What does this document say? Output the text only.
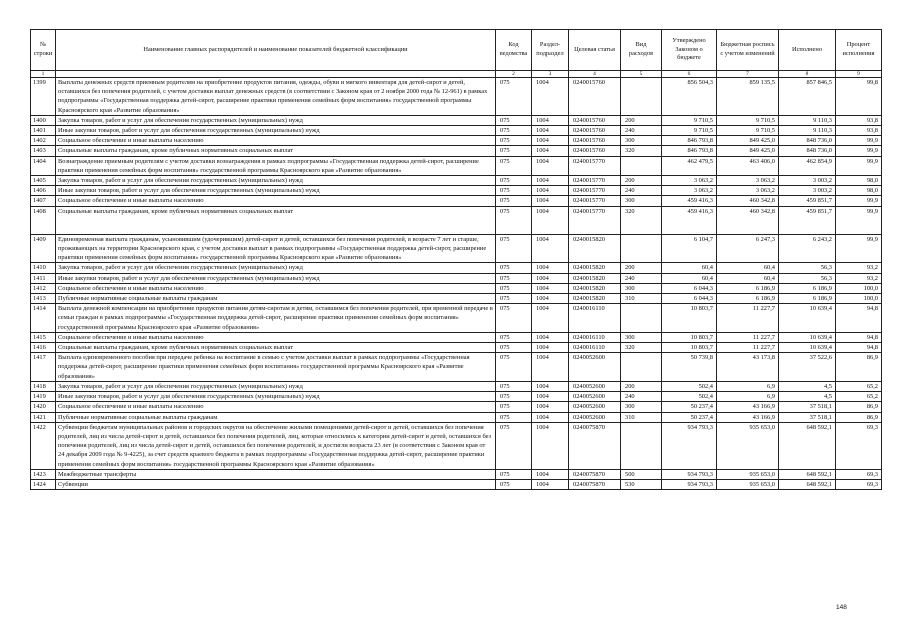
№ строки	Наименование главных распорядителей и наименование показателей бюджетной классификации	Код ведомства	Раздел-подраздел	Целевая статья	Вид расходов	Утверждено Законом о бюджете	Бюджетная роспись с учетом изменений	Исполнено	Процент исполнения
1		2	3	4	5	6	7	8	9
1399	Выплаты денежных средств приемным родителям на приобретение продуктов питания, одежды, обуви и мягкого инвентаря для детей-сирот и детей, оставшихся без попечения родителей, с учетом доставки выплат денежных средств (в соответствии с Законом края от 2 ноября 2000 года № 12-961) в рамках подпрограммы «Государственная поддержка детей-сирот, расширение практики применения семейных форм воспитания» государственной программы Красноярского края «Развитие образования»	075	1004	0240015760		856 504,3	859 135,5	857 846,5	99,8
1400	Закупка товаров, работ и услуг для обеспечения государственных (муниципальных) нужд	075	1004	0240015760	200	9 710,5	9 710,5	9 110,3	93,8
1401	Иные закупки товаров, работ и услуг для обеспечения государственных (муниципальных) нужд	075	1004	0240015760	240	9 710,5	9 710,5	9 110,3	93,8
1402	Социальное обеспечение и иные выплаты населению	075	1004	0240015760	300	846 793,8	849 425,0	848 736,0	99,9
1403	Социальные выплаты гражданам, кроме публичных нормативных социальных выплат	075	1004	0240015760	320	846 793,8	849 425,0	848 736,0	99,9
1404	Вознаграждение приемным родителям с учетом доставки вознаграждения в рамках подпрограммы «Государственная поддержка детей-сирот, расширение практики применения семейных форм воспитания» государственной программы Красноярского края «Развитие образования»	075	1004	0240015770		462 479,5	463 406,0	462 854,9	99,9
1405	Закупка товаров, работ и услуг для обеспечения государственных (муниципальных) нужд	075	1004	0240015770	200	3 063,2	3 063,2	3 003,2	98,0
1406	Иные закупки товаров, работ и услуг для обеспечения государственных (муниципальных) нужд	075	1004	0240015770	240	3 063,2	3 063,2	3 003,2	98,0
1407	Социальное обеспечение и иные выплаты населению	075	1004	0240015770	300	459 416,3	460 342,8	459 851,7	99,9
1408	Социальные выплаты гражданам, кроме публичных нормативных социальных выплат	075	1004	0240015770	320	459 416,3	460 342,8	459 851,7	99,9
1409	Единовременная выплата гражданам, усыновившим (удочерившим) детей-сирот и детей, оставшихся без попечения родителей, в возрасте 7 лет и старше, проживающих на территории Красноярского края, с учетом доставки выплат в рамках подпрограммы «Государственная поддержка детей-сирот, расширение практики применения семейных форм воспитания» государственной программы Красноярского края «Развитие образования»	075	1004	0240015820		6 104,7	6 247,3	6 243,2	99,9
1410	Закупка товаров, работ и услуг для обеспечения государственных (муниципальных) нужд	075	1004	0240015820	200	60,4	60,4	56,3	93,2
1411	Иные закупки товаров, работ и услуг для обеспечения государственных (муниципальных) нужд	075	1004	0240015820	240	60,4	60,4	56,3	93,2
1412	Социальное обеспечение и иные выплаты населению	075	1004	0240015820	300	6 044,3	6 186,9	6 186,9	100,0
1413	Публичные нормативные социальные выплаты гражданам	075	1004	0240015820	310	6 044,3	6 186,9	6 186,9	100,0
1414	Выплата денежной компенсации на приобретение продуктов питания детям-сиротам и детям, оставшимся без попечения родителей, при временной передаче в семьи граждан в рамках подпрограммы «Государственная поддержка детей-сирот, расширение практики применения семейных форм воспитания» государственной программы Красноярского края «Развитие образования»	075	1004	0240016110		10 803,7	11 227,7	10 639,4	94,8
1415	Социальное обеспечение и иные выплаты населению	075	1004	0240016110	300	10 803,7	11 227,7	10 639,4	94,8
1416	Социальные выплаты гражданам, кроме публичных нормативных социальных выплат	075	1004	0240016110	320	10 803,7	11 227,7	10 639,4	94,8
1417	Выплата единовременного пособия при передаче ребенка на воспитание в семью с учетом доставки выплат в рамках подпрограммы «Государственная поддержка детей-сирот, расширение практики применения семейных форм воспитания» государственной программы Красноярского края «Развитие образования»	075	1004	0240052600		50 739,8	43 173,8	37 522,6	86,9
1418	Закупка товаров, работ и услуг для обеспечения государственных (муниципальных) нужд	075	1004	0240052600	200	502,4	6,9	4,5	65,2
1419	Иные закупки товаров, работ и услуг для обеспечения государственных (муниципальных) нужд	075	1004	0240052600	240	502,4	6,9	4,5	65,2
1420	Социальное обеспечение и иные выплаты населению	075	1004	0240052600	300	50 237,4	43 166,9	37 518,1	86,9
1421	Публичные нормативные социальные выплаты гражданам	075	1004	0240052600	310	50 237,4	43 166,9	37 518,1	86,9
1422	Субвенции бюджетам муниципальных районов и городских округов на обеспечение жилыми помещениями детей-сирот и детей, оставшихся без попечения родителей, лиц из числа детей-сирот и детей, оставшихся без попечения родителей, лиц, которые относились к категории детей-сирот и детей, оставшихся без попечения родителей, лиц из числа детей-сирот и детей, оставшихся без попечения родителей, и достигли возраста 23 лет (в соответствии с Законом края от 24 декабря 2009 года № 9-4225), за счет средств краевого бюджета в рамках подпрограммы «Государственная поддержка детей-сирот, расширение практики применения семейных форм воспитания» государственной программы Красноярского края «Развитие образования»	075	1004	0240075870		934 793,3	935 653,0	648 592,1	69,3
1423	Межбюджетные трансферты	075	1004	0240075870	500	934 793,3	935 653,0	648 592,1	69,3
1424	Субвенции	075	1004	0240075870	530	934 793,3	935 653,0	648 592,1	69,3
148
